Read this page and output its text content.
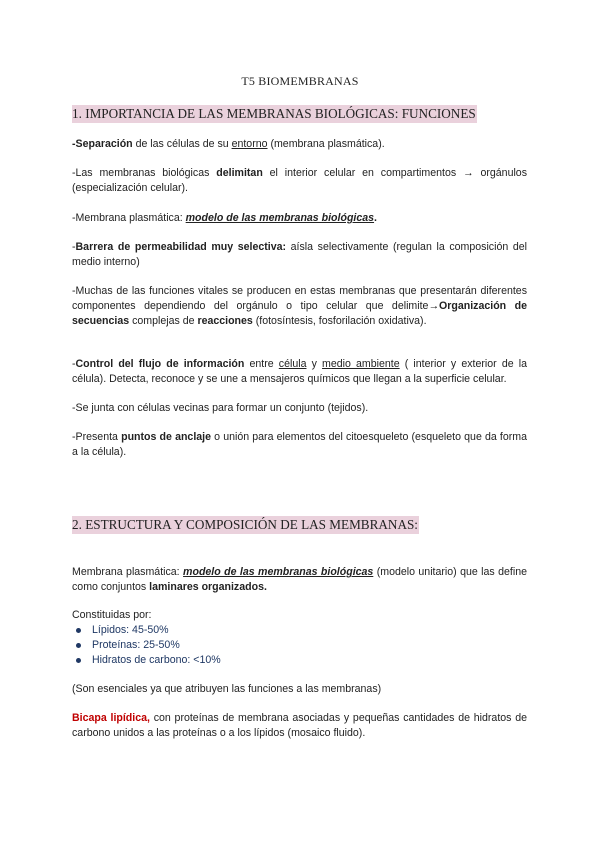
T5 BIOMEMBRANAS
1. IMPORTANCIA DE LAS MEMBRANAS BIOLÓGICAS: FUNCIONES
-Separación de las células de su entorno (membrana plasmática).
-Las membranas biológicas delimitan el interior celular en compartimentos → orgánulos (especialización celular).
-Membrana plasmática: modelo de las membranas biológicas.
-Barrera de permeabilidad muy selectiva: aísla selectivamente (regulan la composición del medio interno)
-Muchas de las funciones vitales se producen en estas membranas que presentarán diferentes componentes dependiendo del orgánulo o tipo celular que delimite→Organización de secuencias complejas de reacciones (fotosíntesis, fosforilación oxidativa).
-Control del flujo de información entre célula y medio ambiente ( interior y exterior de la célula). Detecta, reconoce y se une a mensajeros químicos que llegan a la superficie celular.
-Se junta con células vecinas para formar un conjunto (tejidos).
-Presenta puntos de anclaje o unión para elementos del citoesqueleto (esqueleto que da forma a la célula).
2. ESTRUCTURA Y COMPOSICIÓN DE LAS MEMBRANAS:
Membrana plasmática: modelo de las membranas biológicas (modelo unitario) que las define como conjuntos laminares organizados.
Constituidas por:
Lípidos: 45-50%
Proteínas: 25-50%
Hidratos de carbono: <10%
(Son esenciales ya que atribuyen las funciones a las membranas)
Bicapa lipídica, con proteínas de membrana asociadas y pequeñas cantidades de hidratos de carbono unidos a las proteínas o a los lípidos (mosaico fluido).
